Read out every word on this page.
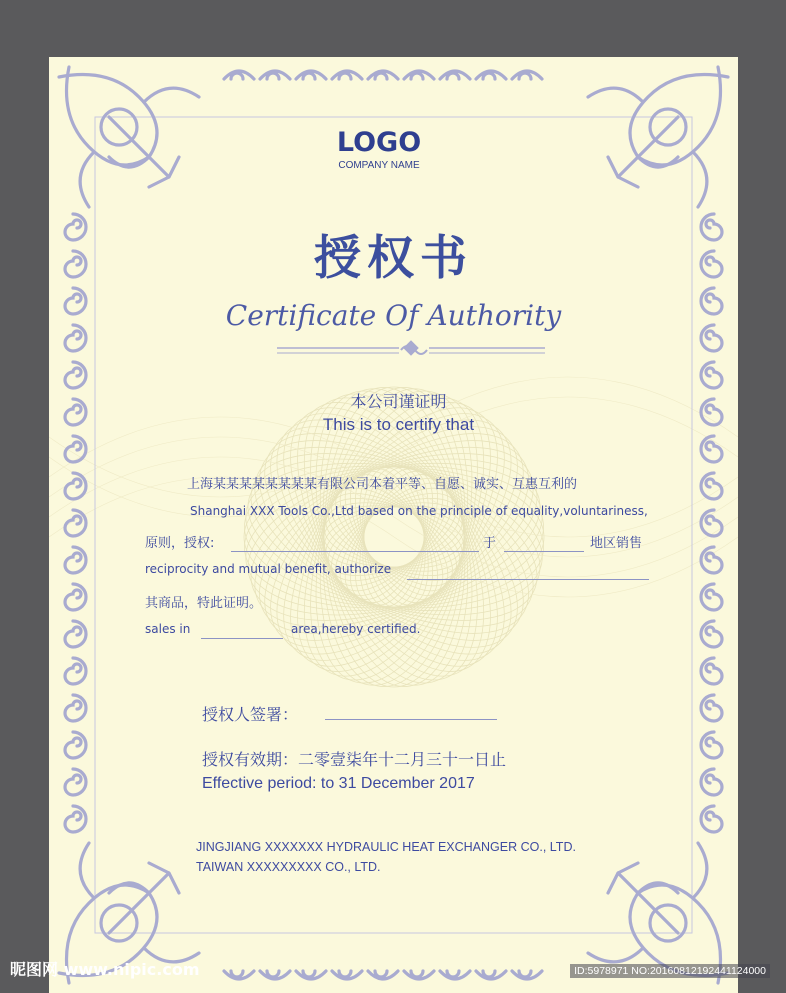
LOGO
COMPANY NAME
授权书
Certificate Of Authority
本公司谨证明
This is to certify that
上海某某某某某某某某有限公司本着平等、自愿、诚实、互惠互利的
Shanghai XXX Tools Co.,Ltd based on the principle of equality,voluntariness,
原则，授权:	于	地区销售
reciprocity and mutual benefit, authorize
其商品，特此证明。
sales in	area,hereby certified.
授权人签署：
授权有效期：二零壹柒年十二月三十一日止
Effective period: to 31 December 2017
JINGJIANG XXXXXXX HYDRAULIC HEAT EXCHANGER CO., LTD.
TAIWAN XXXXXXXXX CO., LTD.
昵图网 www.nipic.com	ID:5978971 NO:20160812192441124000
